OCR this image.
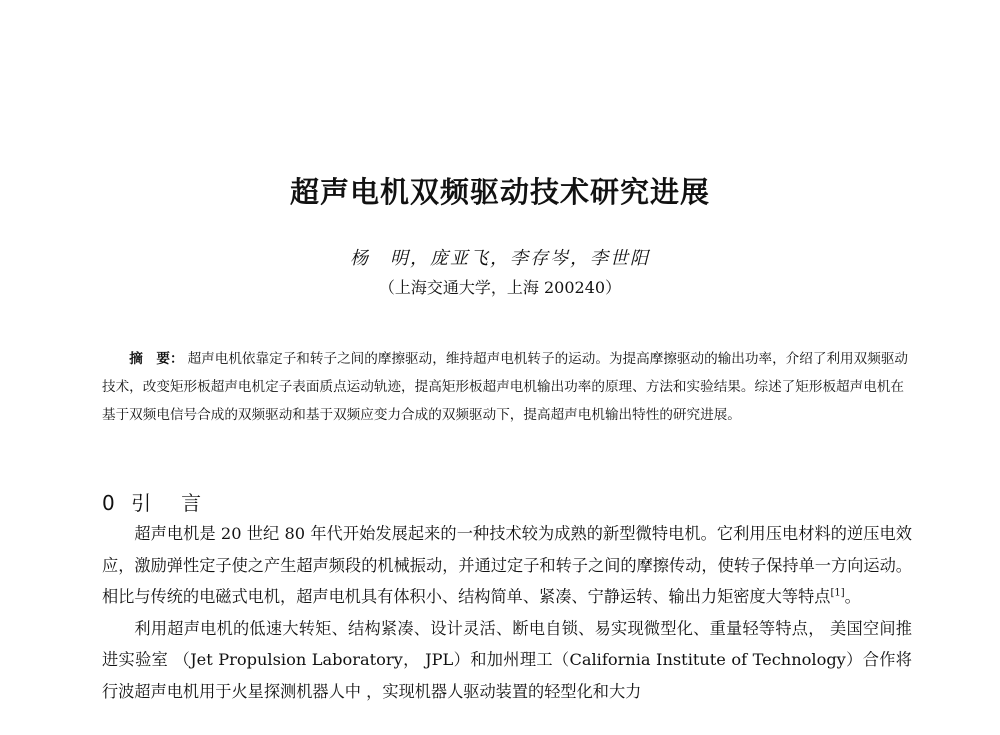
超声电机双频驱动技术研究进展
杨　明，庞亚飞，李存岑，李世阳
（上海交通大学，上海 200240）

摘　要： 超声电机依靠定子和转子之间的摩擦驱动，维持超声电机转子的运动。为提高摩擦驱动的输出功率，介绍了利用双频驱动技术，改变矩形板超声电机定子表面质点运动轨迹，提高矩形板超声电机输出功率的原理、方法和实验结果。综述了矩形板超声电机在基于双频电信号合成的双频驱动和基于双频应变力合成的双频驱动下，提高超声电机输出特性的研究进展。

0 引　言

超声电机是 20 世纪 80 年代开始发展起来的一种技术较为成熟的新型微特电机。它利用压电材料的逆压电效应，激励弹性定子使之产生超声频段的机械振动，并通过定子和转子之间的摩擦传动，使转子保持单一方向运动。相比与传统的电磁式电机，超声电机具有体积小、结构简单、紧凑、宁静运转、输出力矩密度大等特点[1]。

利用超声电机的低速大转矩、结构紧凑、设计灵活、断电自锁、易实现微型化、重量轻等特点， 美国空间推进实验室 （Jet Propulsion Laboratory， JPL）和加州理工（California Institute of Technology）合作将行波超声电机用于火星探测机器人中 ，实现机器人驱动装置的轻型化和大力
